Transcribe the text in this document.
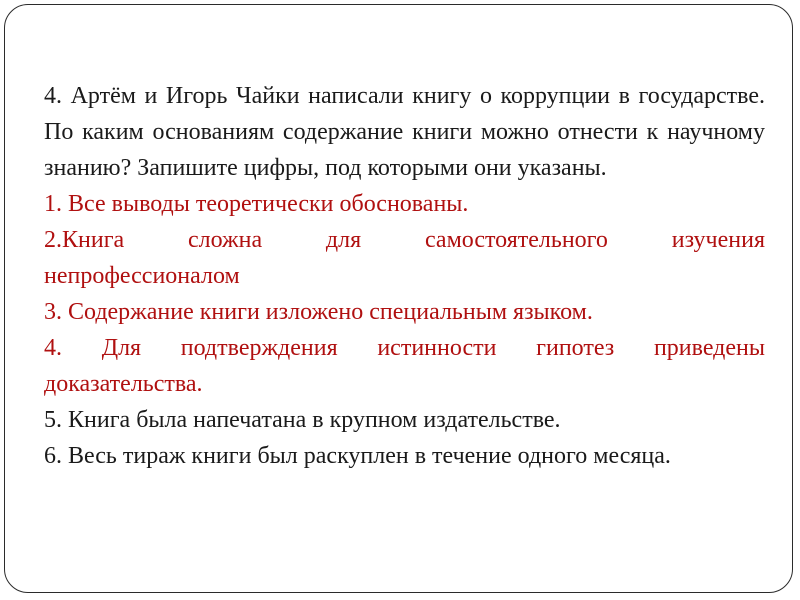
4. Артём и Игорь Чайки написали книгу о коррупции в государстве. По каким основаниям содержание книги можно отнести к научному знанию? Запишите цифры, под которыми они указаны.

1. Все выводы теоретически обоснованы.

2.Книга сложна для самостоятельного изучения

непрофессионалом

3. Содержание книги изложено специальным языком.

4. Для подтверждения истинности гипотез приведены

доказательства.

5. Книга была напечатана в крупном издательстве.

6. Весь тираж книги был раскуплен в течение одного месяца.
